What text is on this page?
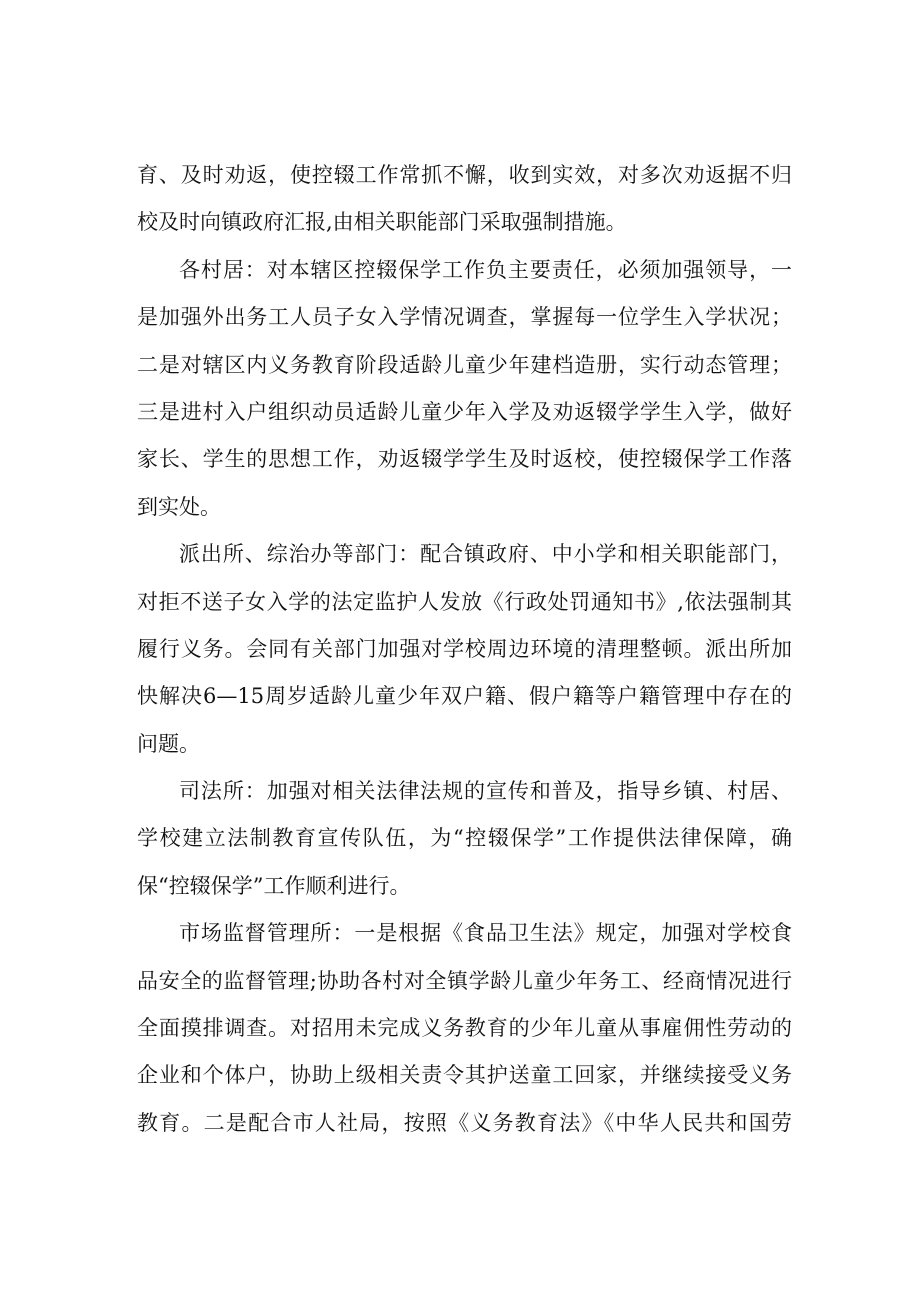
育、及时劝返，使控辍工作常抓不懈，收到实效，对多次劝返据不归
校及时向镇政府汇报,由相关职能部门采取强制措施。
各村居：对本辖区控辍保学工作负主要责任，必须加强领导，一
是加强外出务工人员子女入学情况调查，掌握每一位学生入学状况；
二是对辖区内义务教育阶段适龄儿童少年建档造册，实行动态管理；
三是进村入户组织动员适龄儿童少年入学及劝返辍学学生入学，做好
家长、学生的思想工作，劝返辍学学生及时返校，使控辍保学工作落
到实处。
派出所、综治办等部门：配合镇政府、中小学和相关职能部门，
对拒不送子女入学的法定监护人发放《行政处罚通知书》,依法强制其
履行义务。会同有关部门加强对学校周边环境的清理整顿。派出所加
快解决6—15周岁适龄儿童少年双户籍、假户籍等户籍管理中存在的
问题。
司法所：加强对相关法律法规的宣传和普及，指导乡镇、村居、
学校建立法制教育宣传队伍，为“控辍保学”工作提供法律保障，确
保“控辍保学”工作顺利进行。
市场监督管理所：一是根据《食品卫生法》规定，加强对学校食
品安全的监督管理;协助各村对全镇学龄儿童少年务工、经商情况进行
全面摸排调查。对招用未完成义务教育的少年儿童从事雇佣性劳动的
企业和个体户，协助上级相关责令其护送童工回家，并继续接受义务
教育。二是配合市人社局，按照《义务教育法》《中华人民共和国劳
